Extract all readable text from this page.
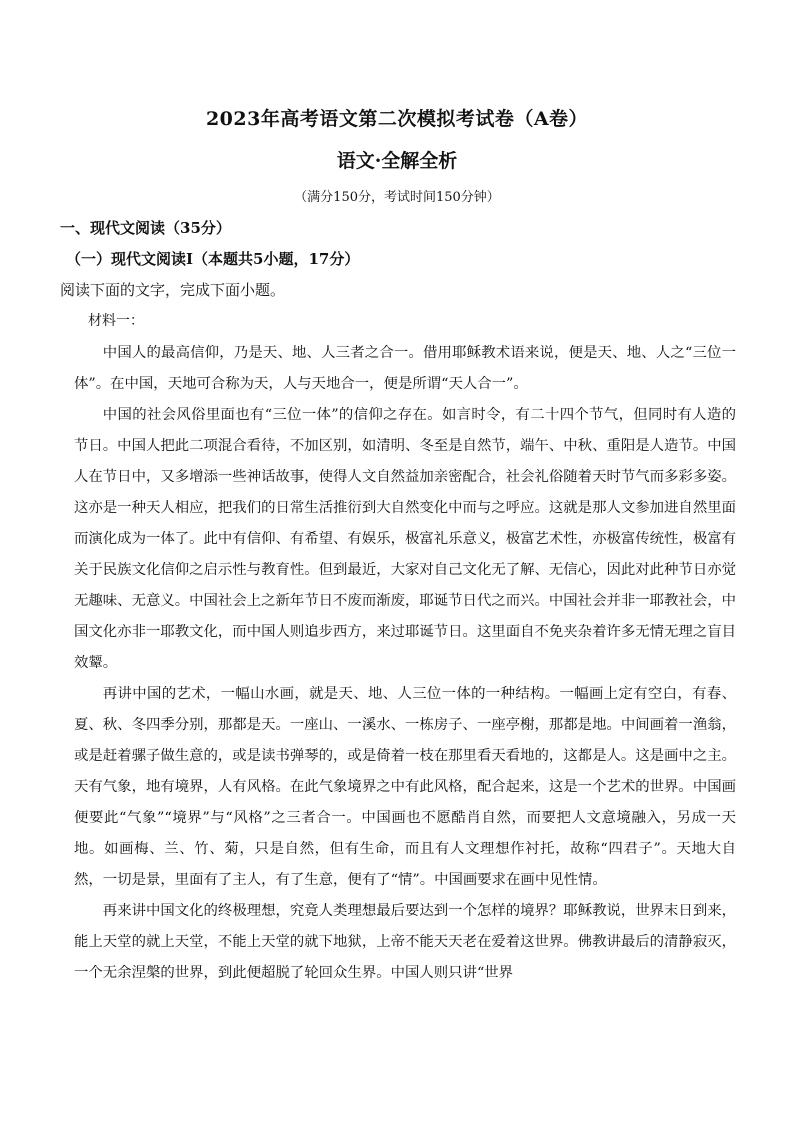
2023年高考语文第二次模拟考试卷（A卷）
语文·全解全析
（满分150分，考试时间150分钟）
一、现代文阅读（35分）
（一）现代文阅读Ⅰ（本题共5小题，17分）
阅读下面的文字，完成下面小题。
材料一：

中国人的最高信仰，乃是天、地、人三者之合一。借用耶稣教术语来说，便是天、地、人之“三位一体”。在中国，天地可合称为天，人与天地合一，便是所谓“天人合一”。

中国的社会风俗里面也有“三位一体”的信仰之存在。如言时令，有二十四个节气，但同时有人造的节日。中国人把此二项混合看待，不加区别，如清明、冬至是自然节，端午、中秋、重阳是人造节。中国人在节日中，又多增添一些神话故事，使得人文自然益加亲密配合，社会礼俗随着天时节气而多彩多姿。这亦是一种天人相应，把我们的日常生活推衍到大自然变化中而与之呼应。这就是那人文参加进自然里面而演化成为一体了。此中有信仰、有希望、有娱乐，极富礼乐意义，极富艺术性，亦极富传统性，极富有关于民族文化信仰之启示性与教育性。但到最近，大家对自己文化无了解、无信心，因此对此种节日亦觉无趣味、无意义。中国社会上之新年节日不废而渐废，耶诞节日代之而兴。中国社会并非一耶教社会，中国文化亦非一耶教文化，而中国人则追步西方，来过耶诞节日。这里面自不免夹杂着许多无情无理之盲目效颦。

再讲中国的艺术，一幅山水画，就是天、地、人三位一体的一种结构。一幅画上定有空白，有春、夏、秋、冬四季分别，那都是天。一座山、一溪水、一栋房子、一座亭榭，那都是地。中间画着一渔翁，或是赶着骡子做生意的，或是读书弹琴的，或是倚着一枝在那里看天看地的，这都是人。这是画中之主。天有气象，地有境界，人有风格。在此气象境界之中有此风格，配合起来，这是一个艺术的世界。中国画便要此“气象”“境界”与“风格”之三者合一。中国画也不愿酷肖自然，而要把人文意境融入，另成一天地。如画梅、兰、竹、菊，只是自然，但有生命，而且有人文理想作衬托，故称“四君子”。天地大自然，一切是景，里面有了主人，有了生意，便有了“情”。中国画要求在画中见性情。

再来讲中国文化的终极理想，究竟人类理想最后要达到一个怎样的境界？耶稣教说，世界末日到来，能上天堂的就上天堂，不能上天堂的就下地狱，上帝不能天天老在爱着这世界。佛教讲最后的清静寂灭，一个无余涅槃的世界，到此便超脱了轮回众生界。中国人则只讲“世界
